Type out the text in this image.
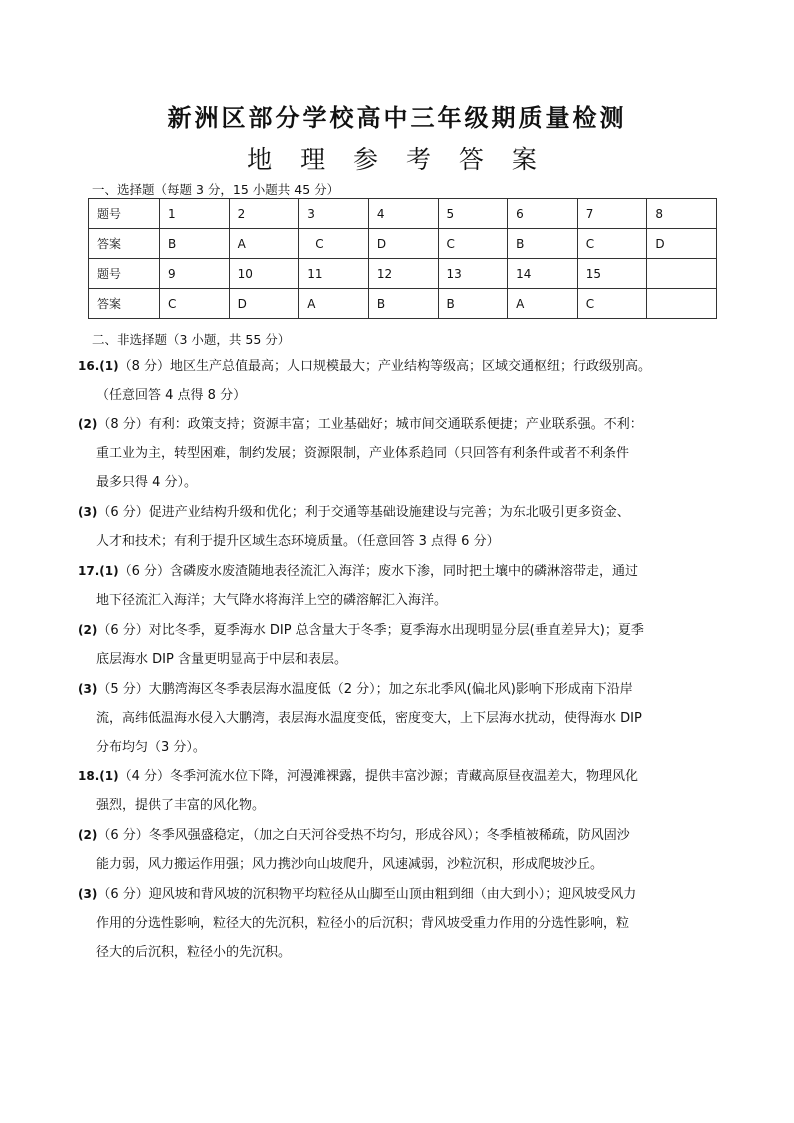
新洲区部分学校高中三年级期质量检测
地 理 参 考 答 案
一、选择题（每题 3 分，15 小题共 45 分）
题号	1	2	3	4	5	6	7	8
答案	B	A	C	D	C	B	C	D
题号	9	10	11	12	13	14	15	
答案	C	D	A	B	B	A	C	
二、非选择题（3 小题，共 55 分）
16.(1)（8 分）地区生产总值最高；人口规模最大；产业结构等级高；区域交通枢纽；行政级别高。
（任意回答 4 点得 8 分）
(2)（8 分）有利：政策支持；资源丰富；工业基础好；城市间交通联系便捷；产业联系强。不利：
重工业为主，转型困难，制约发展；资源限制，产业体系趋同（只回答有利条件或者不利条件
最多只得 4 分）。
(3)（6 分）促进产业结构升级和优化；利于交通等基础设施建设与完善；为东北吸引更多资金、
人才和技术；有利于提升区域生态环境质量。（任意回答 3 点得 6 分）
17.(1)（6 分）含磷废水废渣随地表径流汇入海洋；废水下渗，同时把土壤中的磷淋溶带走，通过
地下径流汇入海洋；大气降水将海洋上空的磷溶解汇入海洋。
(2)（6 分）对比冬季，夏季海水 DIP 总含量大于冬季；夏季海水出现明显分层(垂直差异大)；夏季
底层海水 DIP 含量更明显高于中层和表层。
(3)（5 分）大鹏湾海区冬季表层海水温度低（2 分）；加之东北季风(偏北风)影响下形成南下沿岸
流，高纬低温海水侵入大鹏湾，表层海水温度变低，密度变大，上下层海水扰动，使得海水 DIP
分布均匀（3 分）。
18.(1)（4 分）冬季河流水位下降，河漫滩裸露，提供丰富沙源；青藏高原昼夜温差大，物理风化
强烈，提供了丰富的风化物。
(2)（6 分）冬季风强盛稳定，（加之白天河谷受热不均匀，形成谷风）；冬季植被稀疏，防风固沙
能力弱，风力搬运作用强；风力携沙向山坡爬升，风速减弱，沙粒沉积，形成爬坡沙丘。
(3)（6 分）迎风坡和背风坡的沉积物平均粒径从山脚至山顶由粗到细（由大到小）；迎风坡受风力
作用的分选性影响，粒径大的先沉积，粒径小的后沉积；背风坡受重力作用的分选性影响，粒
径大的后沉积，粒径小的先沉积。
